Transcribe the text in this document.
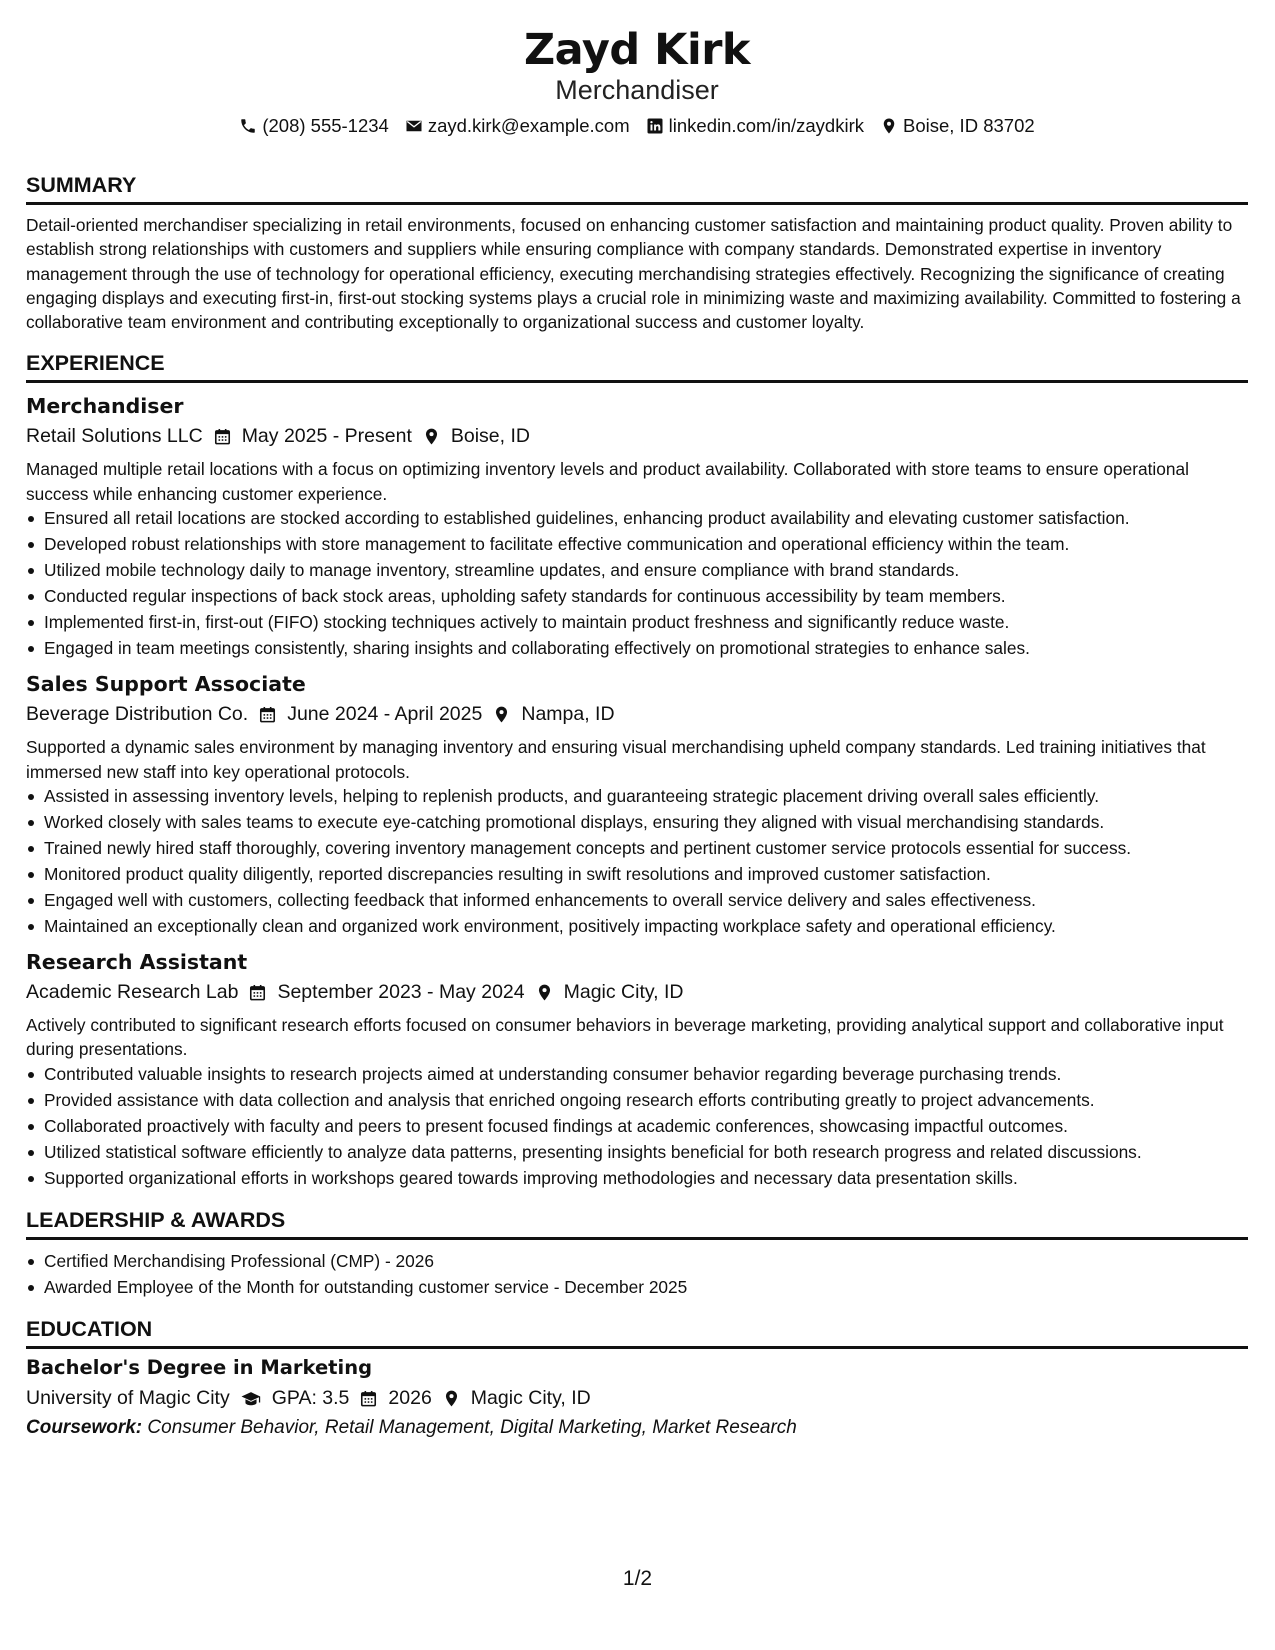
Zayd Kirk
Merchandiser
(208) 555-1234 zayd.kirk@example.com linkedin.com/in/zaydkirk Boise, ID 83702
SUMMARY

Detail-oriented merchandiser specializing in retail environments, focused on enhancing customer satisfaction and maintaining product quality. Proven ability to establish strong relationships with customers and suppliers while ensuring compliance with company standards. Demonstrated expertise in inventory management through the use of technology for operational efficiency, executing merchandising strategies effectively. Recognizing the significance of creating engaging displays and executing first-in, first-out stocking systems plays a crucial role in minimizing waste and maximizing availability. Committed to fostering a collaborative team environment and contributing exceptionally to organizational success and customer loyalty.

EXPERIENCE
Merchandiser
Retail Solutions LLC May 2025 - Present Boise, ID

Managed multiple retail locations with a focus on optimizing inventory levels and product availability. Collaborated with store teams to ensure operational success while enhancing customer experience.

Ensured all retail locations are stocked according to established guidelines, enhancing product availability and elevating customer satisfaction.
Developed robust relationships with store management to facilitate effective communication and operational efficiency within the team.
Utilized mobile technology daily to manage inventory, streamline updates, and ensure compliance with brand standards.
Conducted regular inspections of back stock areas, upholding safety standards for continuous accessibility by team members.
Implemented first-in, first-out (FIFO) stocking techniques actively to maintain product freshness and significantly reduce waste.
Engaged in team meetings consistently, sharing insights and collaborating effectively on promotional strategies to enhance sales.
Sales Support Associate
Beverage Distribution Co. June 2024 - April 2025 Nampa, ID

Supported a dynamic sales environment by managing inventory and ensuring visual merchandising upheld company standards. Led training initiatives that immersed new staff into key operational protocols.

Assisted in assessing inventory levels, helping to replenish products, and guaranteeing strategic placement driving overall sales efficiently.
Worked closely with sales teams to execute eye-catching promotional displays, ensuring they aligned with visual merchandising standards.
Trained newly hired staff thoroughly, covering inventory management concepts and pertinent customer service protocols essential for success.
Monitored product quality diligently, reported discrepancies resulting in swift resolutions and improved customer satisfaction.
Engaged well with customers, collecting feedback that informed enhancements to overall service delivery and sales effectiveness.
Maintained an exceptionally clean and organized work environment, positively impacting workplace safety and operational efficiency.
Research Assistant
Academic Research Lab September 2023 - May 2024 Magic City, ID

Actively contributed to significant research efforts focused on consumer behaviors in beverage marketing, providing analytical support and collaborative input during presentations.

Contributed valuable insights to research projects aimed at understanding consumer behavior regarding beverage purchasing trends.
Provided assistance with data collection and analysis that enriched ongoing research efforts contributing greatly to project advancements.
Collaborated proactively with faculty and peers to present focused findings at academic conferences, showcasing impactful outcomes.
Utilized statistical software efficiently to analyze data patterns, presenting insights beneficial for both research progress and related discussions.
Supported organizational efforts in workshops geared towards improving methodologies and necessary data presentation skills.
LEADERSHIP & AWARDS
Certified Merchandising Professional (CMP) - 2026
Awarded Employee of the Month for outstanding customer service - December 2025
EDUCATION
Bachelor's Degree in Marketing
University of Magic City GPA: 3.5 2026 Magic City, ID
Coursework: Consumer Behavior, Retail Management, Digital Marketing, Market Research
1/2
